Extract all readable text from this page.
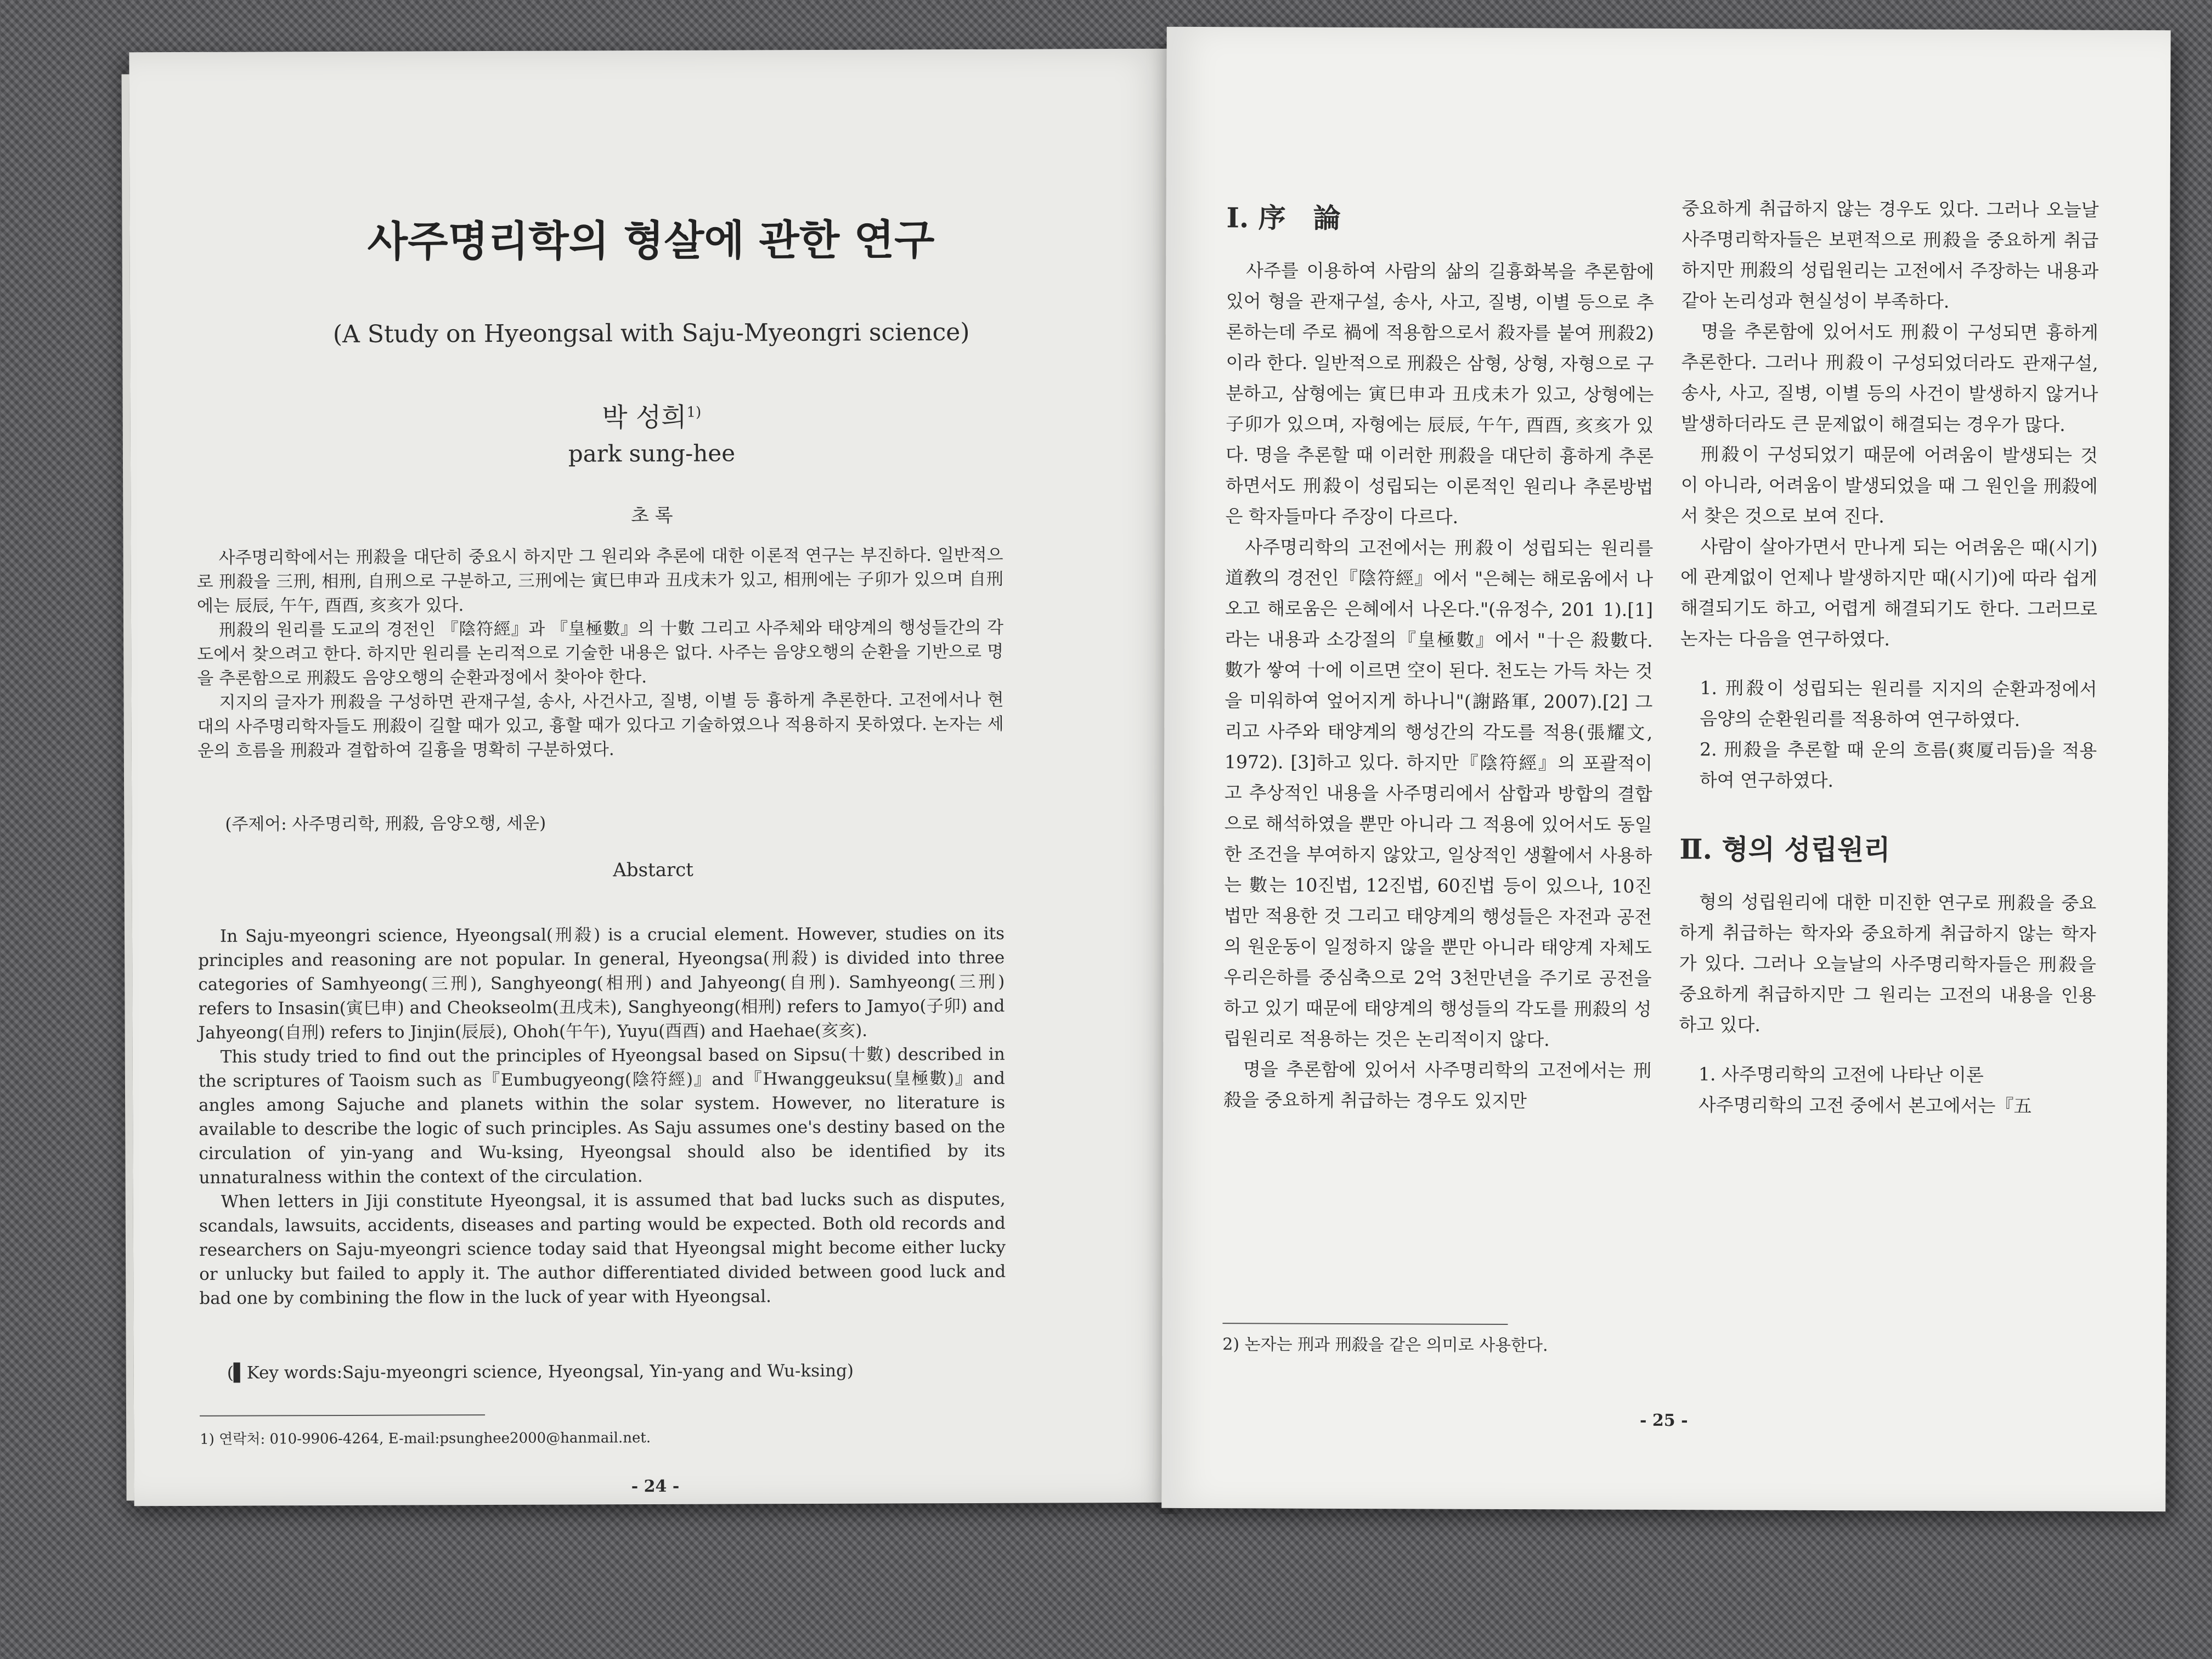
사주명리학의 형살에 관한 연구
(A Study on Hyeongsal with Saju-Myeongri science)
박 성희$^{1)}$
park sung-hee
초 록

사주명리학에서는 刑殺을 대단히 중요시 하지만 그 원리와 추론에 대한 이론적 연구는 부진하다. 일반적으로 刑殺을 三刑, 相刑, 自刑으로 구분하고, 三刑에는 寅巳申과 丑戌未가 있고, 相刑에는 子卯가 있으며 自刑에는 辰辰, 午午, 酉酉, 亥亥가 있다.

刑殺의 원리를 도교의 경전인 『陰符經』과 『皇極數』의 十數 그리고 사주체와 태양계의 행성들간의 각도에서 찾으려고 한다. 하지만 원리를 논리적으로 기술한 내용은 없다. 사주는 음양오행의 순환을 기반으로 명을 추론함으로 刑殺도 음양오행의 순환과정에서 찾아야 한다.

지지의 글자가 刑殺을 구성하면 관재구설, 송사, 사건사고, 질병, 이별 등 흉하게 추론한다. 고전에서나 현대의 사주명리학자들도 刑殺이 길할 때가 있고, 흉할 때가 있다고 기술하였으나 적용하지 못하였다. 논자는 세운의 흐름을 刑殺과 결합하여 길흉을 명확히 구분하였다.

(주제어: 사주명리학, 刑殺, 음양오행, 세운)
Abstarct

In Saju-myeongri science, Hyeongsal(刑殺) is a crucial element. However, studies on its principles and reasoning are not popular. In general, Hyeongsa(刑殺) is divided into three categories of Samhyeong(三刑), Sanghyeong(相刑) and Jahyeong(自刑). Samhyeong(三刑) refers to Insasin(寅巳申) and Cheokseolm(丑戌未), Sanghyeong(相刑) refers to Jamyo(子卯) and Jahyeong(自刑) refers to Jinjin(辰辰), Ohoh(午午), Yuyu(酉酉) and Haehae(亥亥).

This study tried to find out the principles of Hyeongsal based on Sipsu(十數) described in the scriptures of Taoism such as『Eumbugyeong(陰符經)』and『Hwanggeuksu(皇極數)』and angles among Sajuche and planets within the solar system. However, no literature is available to describe the logic of such principles. As Saju assumes one's destiny based on the circulation of yin-yang and Wu-ksing, Hyeongsal should also be identified by its unnaturalness within the context of the circulation.

When letters in Jiji constitute Hyeongsal, it is assumed that bad lucks such as disputes, scandals, lawsuits, accidents, diseases and parting would be expected. Both old records and researchers on Saju-myeongri science today said that Hyeongsal might become either lucky or unlucky but failed to apply it. The author differentiated divided between good luck and bad one by combining the flow in the luck of year with Hyeongsal.

(▌Key words:Saju-myeongri science, Hyeongsal, Yin-yang and Wu-ksing)
1) 연락처: 010-9906-4264, E-mail:psunghee2000@hanmail.net.
- 24 -

Ⅰ. 序　論

사주를 이용하여 사람의 삶의 길흉화복을 추론함에 있어 형을 관재구설, 송사, 사고, 질병, 이별 등으로 추론하는데 주로 禍에 적용함으로서 殺자를 붙여 刑殺2)이라 한다. 일반적으로 刑殺은 삼형, 상형, 자형으로 구분하고, 삼형에는 寅巳申과 丑戌未가 있고, 상형에는 子卯가 있으며, 자형에는 辰辰, 午午, 酉酉, 亥亥가 있다. 명을 추론할 때 이러한 刑殺을 대단히 흉하게 추론하면서도 刑殺이 성립되는 이론적인 원리나 추론방법은 학자들마다 주장이 다르다.

사주명리학의 고전에서는 刑殺이 성립되는 원리를 道敎의 경전인『陰符經』에서 "은혜는 해로움에서 나오고 해로움은 은혜에서 나온다."(유정수, 201 1).[1]라는 내용과 소강절의『皇極數』에서 "十은 殺數다. 數가 쌓여 十에 이르면 空이 된다. 천도는 가득 차는 것을 미워하여 엎어지게 하나니"(謝路軍, 2007).[2] 그리고 사주와 태양계의 행성간의 각도를 적용(張耀文, 1972). [3]하고 있다. 하지만『陰符經』의 포괄적이고 추상적인 내용을 사주명리에서 삼합과 방합의 결합으로 해석하였을 뿐만 아니라 그 적용에 있어서도 동일한 조건을 부여하지 않았고, 일상적인 생활에서 사용하는 數는 10진법, 12진법, 60진법 등이 있으나, 10진법만 적용한 것 그리고 태양계의 행성들은 자전과 공전의 원운동이 일정하지 않을 뿐만 아니라 태양계 자체도 우리은하를 중심축으로 2억 3천만년을 주기로 공전을 하고 있기 때문에 태양계의 행성들의 각도를 刑殺의 성립원리로 적용하는 것은 논리적이지 않다.

명을 추론함에 있어서 사주명리학의 고전에서는 刑殺을 중요하게 취급하는 경우도 있지만

2) 논자는 刑과 刑殺을 같은 의미로 사용한다.

중요하게 취급하지 않는 경우도 있다. 그러나 오늘날 사주명리학자들은 보편적으로 刑殺을 중요하게 취급하지만 刑殺의 성립원리는 고전에서 주장하는 내용과 같아 논리성과 현실성이 부족하다.

명을 추론함에 있어서도 刑殺이 구성되면 흉하게 추론한다. 그러나 刑殺이 구성되었더라도 관재구설, 송사, 사고, 질병, 이별 등의 사건이 발생하지 않거나 발생하더라도 큰 문제없이 해결되는 경우가 많다.

刑殺이 구성되었기 때문에 어려움이 발생되는 것이 아니라, 어려움이 발생되었을 때 그 원인을 刑殺에서 찾은 것으로 보여 진다.

사람이 살아가면서 만나게 되는 어려움은 때(시기)에 관계없이 언제나 발생하지만 때(시기)에 따라 쉽게 해결되기도 하고, 어렵게 해결되기도 한다. 그러므로 논자는 다음을 연구하였다.

1. 刑殺이 성립되는 원리를 지지의 순환과정에서 음양의 순환원리를 적용하여 연구하였다.

2. 刑殺을 추론할 때 운의 흐름(爽厦리듬)을 적용하여 연구하였다.

Ⅱ. 형의 성립원리

형의 성립원리에 대한 미진한 연구로 刑殺을 중요하게 취급하는 학자와 중요하게 취급하지 않는 학자가 있다. 그러나 오늘날의 사주명리학자들은 刑殺을 중요하게 취급하지만 그 원리는 고전의 내용을 인용하고 있다.

1. 사주명리학의 고전에 나타난 이론

사주명리학의 고전 중에서 본고에서는『五

- 25 -
